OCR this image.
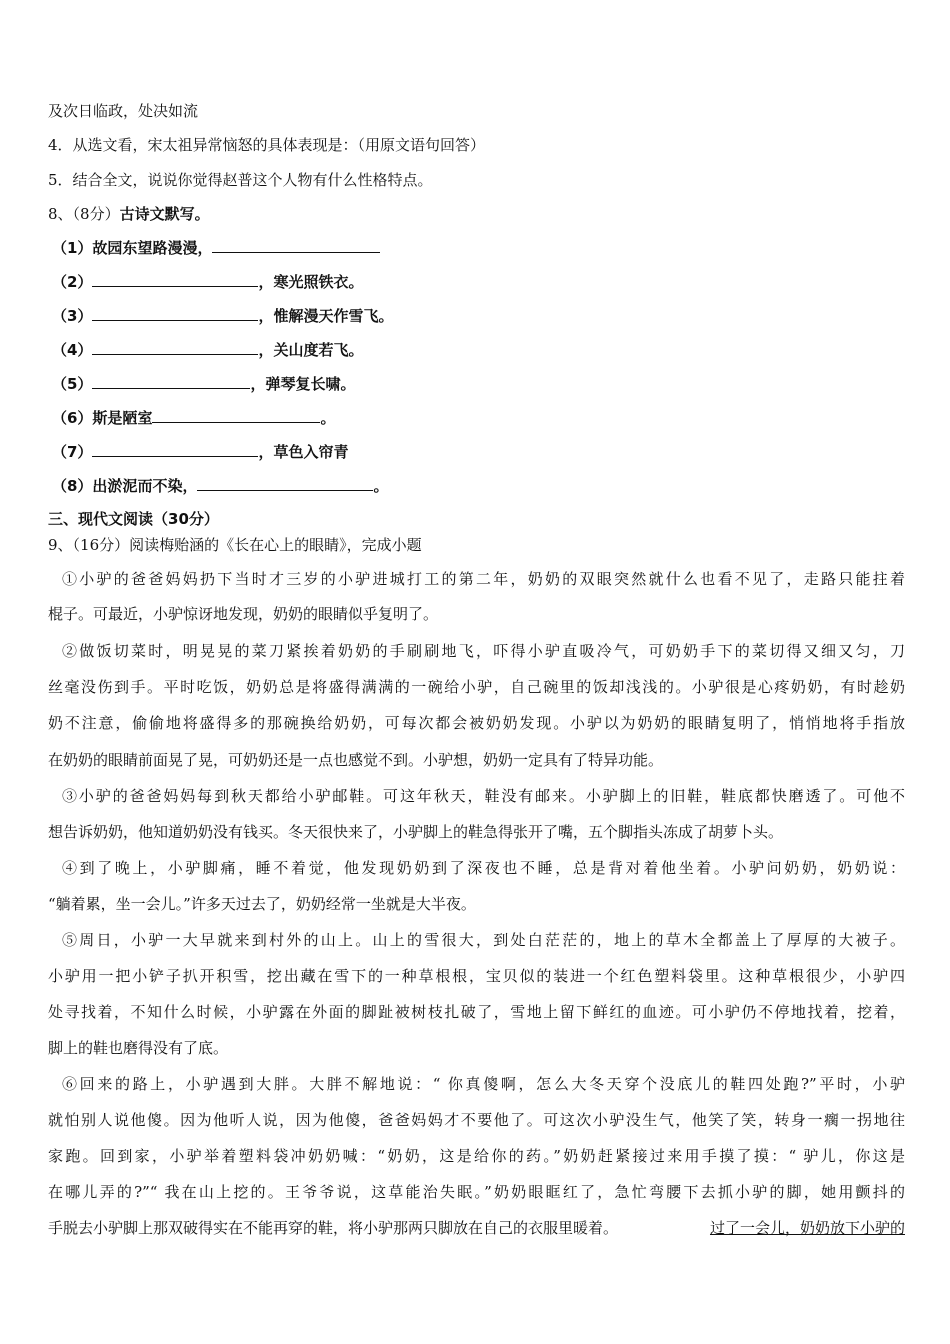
及次日临政，处决如流
4．从选文看，宋太祖异常恼怒的具体表现是：（用原文语句回答）
5．结合全文，说说你觉得赵普这个人物有什么性格特点。
8、（8分）古诗文默写。
（1）故园东望路漫漫，
（2）	，寒光照铁衣。
（3）	，惟解漫天作雪飞。
（4）	，关山度若飞。
（5）	，弹琴复长啸。
（6）斯是陋室	。
（7）	，草色入帘青
（8）出淤泥而不染，	。
三、现代文阅读（30分）
9、（16分）阅读梅贻涵的《长在心上的眼睛》，完成小题
①小驴的爸爸妈妈扔下当时才三岁的小驴进城打工的第二年，奶奶的双眼突然就什么也看不见了，走路只能拄着
棍子。可最近，小驴惊讶地发现，奶奶的眼睛似乎复明了。
②做饭切菜时，明晃晃的菜刀紧挨着奶奶的手刷刷地飞，吓得小驴直吸冷气，可奶奶手下的菜切得又细又匀，刀
丝毫没伤到手。平时吃饭，奶奶总是将盛得满满的一碗给小驴，自己碗里的饭却浅浅的。小驴很是心疼奶奶，有时趁奶
奶不注意，偷偷地将盛得多的那碗换给奶奶，可每次都会被奶奶发现。小驴以为奶奶的眼睛复明了，悄悄地将手指放
在奶奶的眼睛前面晃了晃，可奶奶还是一点也感觉不到。小驴想，奶奶一定具有了特异功能。
③小驴的爸爸妈妈每到秋天都给小驴邮鞋。可这年秋天，鞋没有邮来。小驴脚上的旧鞋，鞋底都快磨透了。可他不
想告诉奶奶，他知道奶奶没有钱买。冬天很快来了，小驴脚上的鞋急得张开了嘴，五个脚指头冻成了胡萝卜头。
④到了晚上，小驴脚痛，睡不着觉，他发现奶奶到了深夜也不睡，总是背对着他坐着。小驴问奶奶，奶奶说：
“躺着累，坐一会儿。”许多天过去了，奶奶经常一坐就是大半夜。
⑤周日，小驴一大早就来到村外的山上。山上的雪很大，到处白茫茫的，地上的草木全都盖上了厚厚的大被子。
小驴用一把小铲子扒开积雪，挖出藏在雪下的一种草根根，宝贝似的装进一个红色塑料袋里。这种草根很少，小驴四
处寻找着，不知什么时候，小驴露在外面的脚趾被树枝扎破了，雪地上留下鲜红的血迹。可小驴仍不停地找着，挖着，
脚上的鞋也磨得没有了底。
⑥回来的路上，小驴遇到大胖。大胖不解地说：“ 你真傻啊，怎么大冬天穿个没底儿的鞋四处跑?”平时，小驴
就怕别人说他傻。因为他听人说，因为他傻，爸爸妈妈才不要他了。可这次小驴没生气，他笑了笑，转身一瘸一拐地往
家跑。回到家，小驴举着塑料袋冲奶奶喊：“奶奶，这是给你的药。”奶奶赶紧接过来用手摸了摸：“ 驴儿，你这是
在哪儿弄的?”“ 我在山上挖的。王爷爷说，这草能治失眠。”奶奶眼眶红了，急忙弯腰下去抓小驴的脚，她用颤抖的
手脱去小驴脚上那双破得实在不能再穿的鞋，将小驴那两只脚放在自己的衣服里暖着。	过了一会儿，奶奶放下小驴的
